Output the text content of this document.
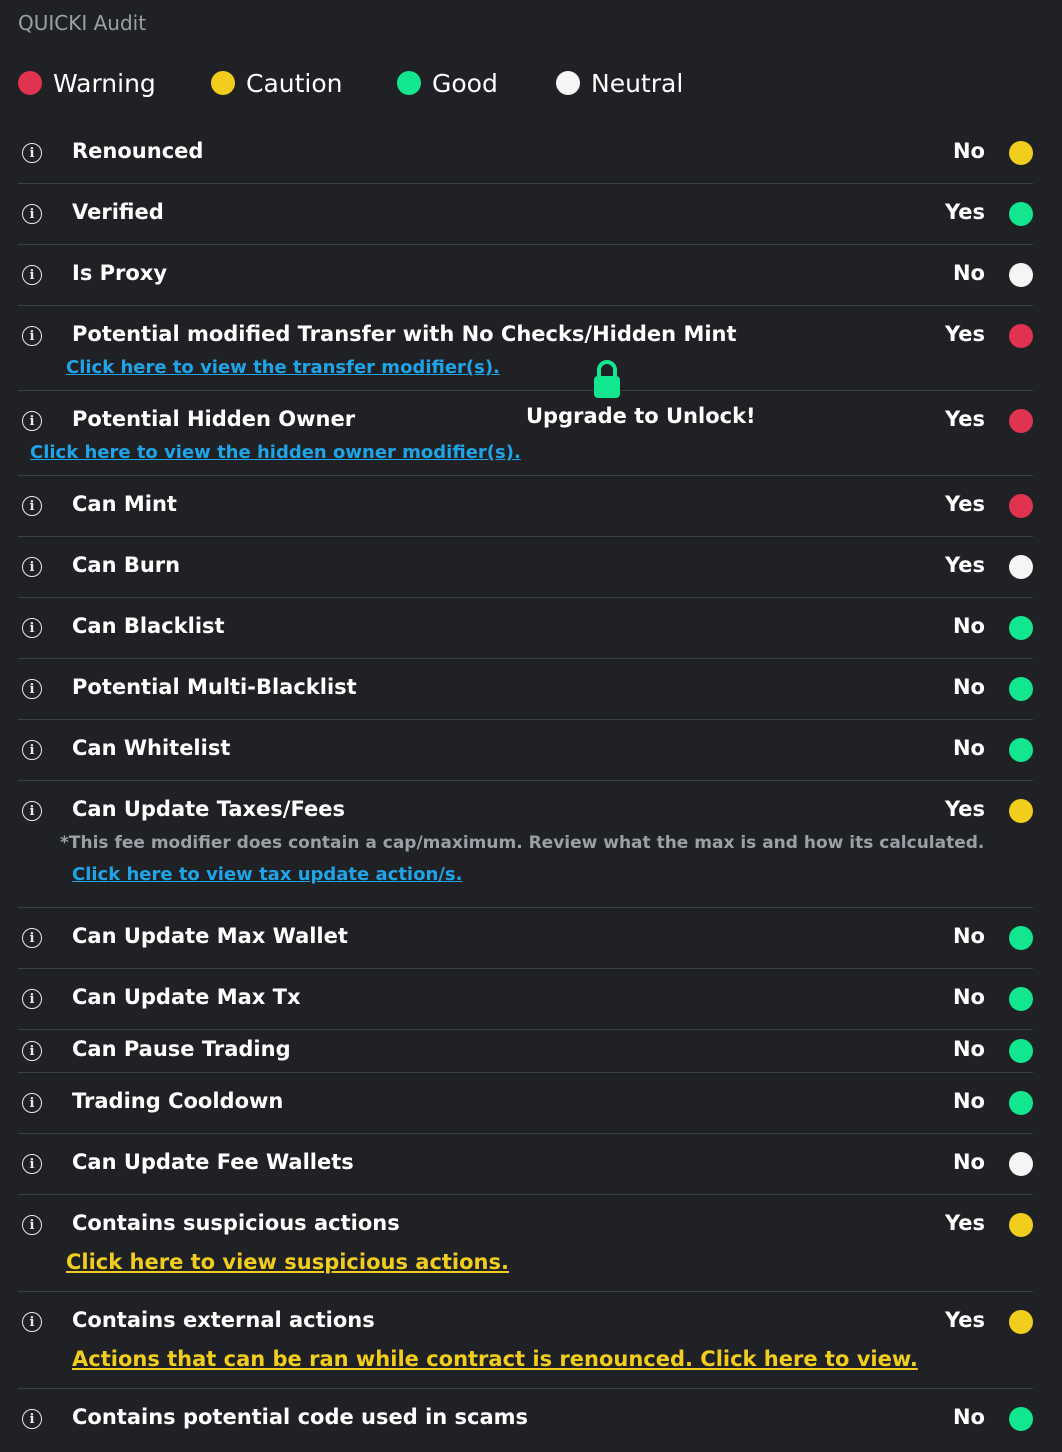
QUICKI Audit
Warning	Caution	Good	Neutral
i	Renounced	No
i	Verified	Yes
i	Is Proxy	No
i	Potential modified Transfer with No Checks/Hidden Mint	Yes
Click here to view the transfer modifier(s).
i	Potential Hidden Owner	Yes
Click here to view the hidden owner modifier(s).
i	Can Mint	Yes
i	Can Burn	Yes
i	Can Blacklist	No
i	Potential Multi-Blacklist	No
i	Can Whitelist	No
i	Can Update Taxes/Fees	Yes
*This fee modifier does contain a cap/maximum. Review what the max is and how its calculated.
Click here to view tax update action/s.
i	Can Update Max Wallet	No
i	Can Update Max Tx	No
i	Can Pause Trading	No
i	Trading Cooldown	No
i	Can Update Fee Wallets	No
i	Contains suspicious actions	Yes
Click here to view suspicious actions.
i	Contains external actions	Yes
Actions that can be ran while contract is renounced. Click here to view.
i	Contains potential code used in scams	No
Upgrade to Unlock!
